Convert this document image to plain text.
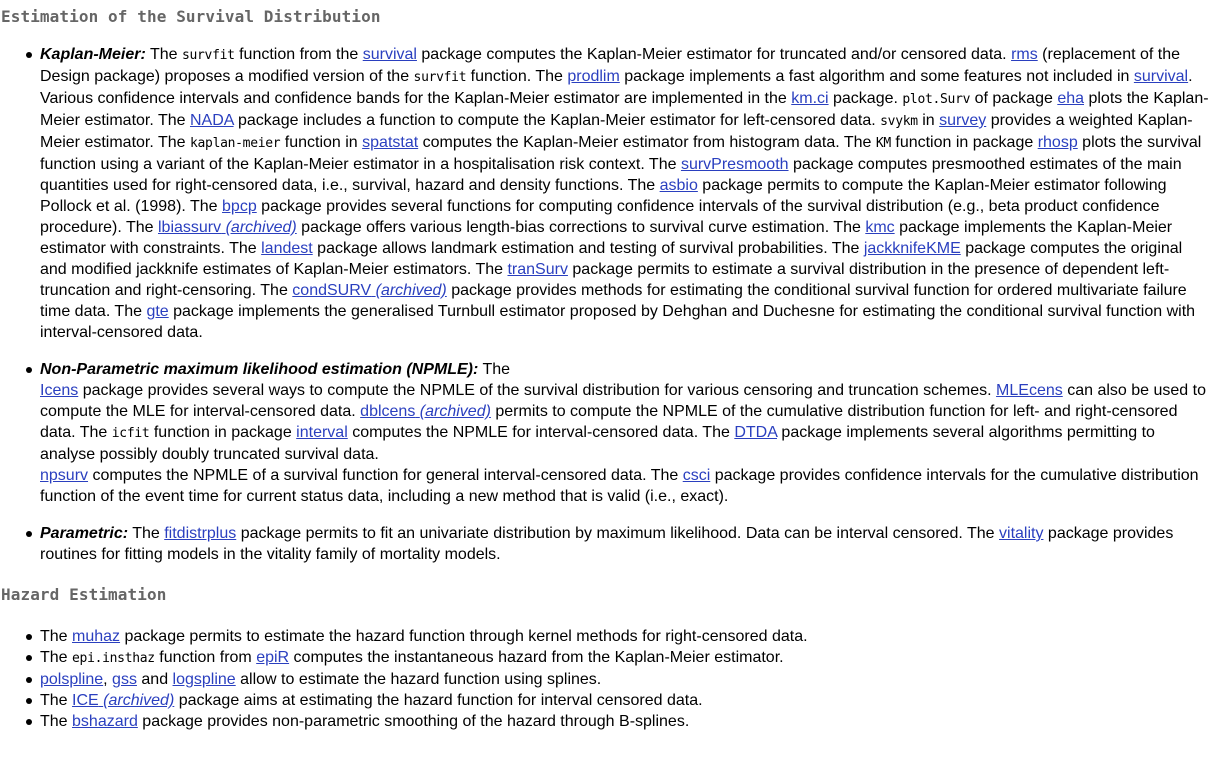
Estimation of the Survival Distribution
Kaplan-Meier: The survfit function from the survival package computes the Kaplan-Meier estimator for truncated and/or censored data. rms (replacement of the Design package) proposes a modified version of the survfit function. The prodlim package implements a fast algorithm and some features not included in survival. Various confidence intervals and confidence bands for the Kaplan-Meier estimator are implemented in the km.ci package. plot.Surv of package eha plots the Kaplan-Meier estimator. The NADA package includes a function to compute the Kaplan-Meier estimator for left-censored data. svykm in survey provides a weighted Kaplan-Meier estimator. The kaplan-meier function in spatstat computes the Kaplan-Meier estimator from histogram data. The KM function in package rhosp plots the survival function using a variant of the Kaplan-Meier estimator in a hospitalisation risk context. The survPresmooth package computes presmoothed estimates of the main quantities used for right-censored data, i.e., survival, hazard and density functions. The asbio package permits to compute the Kaplan-Meier estimator following Pollock et al. (1998). The bpcp package provides several functions for computing confidence intervals of the survival distribution (e.g., beta product confidence procedure). The lbiassurv (archived) package offers various length-bias corrections to survival curve estimation. The kmc package implements the Kaplan-Meier estimator with constraints. The landest package allows landmark estimation and testing of survival probabilities. The jackknifeKME package computes the original and modified jackknife estimates of Kaplan-Meier estimators. The tranSurv package permits to estimate a survival distribution in the presence of dependent left-truncation and right-censoring. The condSURV (archived) package provides methods for estimating the conditional survival function for ordered multivariate failure time data. The gte package implements the generalised Turnbull estimator proposed by Dehghan and Duchesne for estimating the conditional survival function with interval-censored data.
Non-Parametric maximum likelihood estimation (NPMLE): The
Icens package provides several ways to compute the NPMLE of the survival distribution for various censoring and truncation schemes. MLEcens can also be used to compute the MLE for interval-censored data. dblcens (archived) permits to compute the NPMLE of the cumulative distribution function for left- and right-censored data. The icfit function in package interval computes the NPMLE for interval-censored data. The DTDA package implements several algorithms permitting to analyse possibly doubly truncated survival data.
npsurv computes the NPMLE of a survival function for general interval-censored data. The csci package provides confidence intervals for the cumulative distribution function of the event time for current status data, including a new method that is valid (i.e., exact).
Parametric: The fitdistrplus package permits to fit an univariate distribution by maximum likelihood. Data can be interval censored. The vitality package provides routines for fitting models in the vitality family of mortality models.
Hazard Estimation
The muhaz package permits to estimate the hazard function through kernel methods for right-censored data.
The epi.insthaz function from epiR computes the instantaneous hazard from the Kaplan-Meier estimator.
polspline, gss and logspline allow to estimate the hazard function using splines.
The ICE (archived) package aims at estimating the hazard function for interval censored data.
The bshazard package provides non-parametric smoothing of the hazard through B-splines.
